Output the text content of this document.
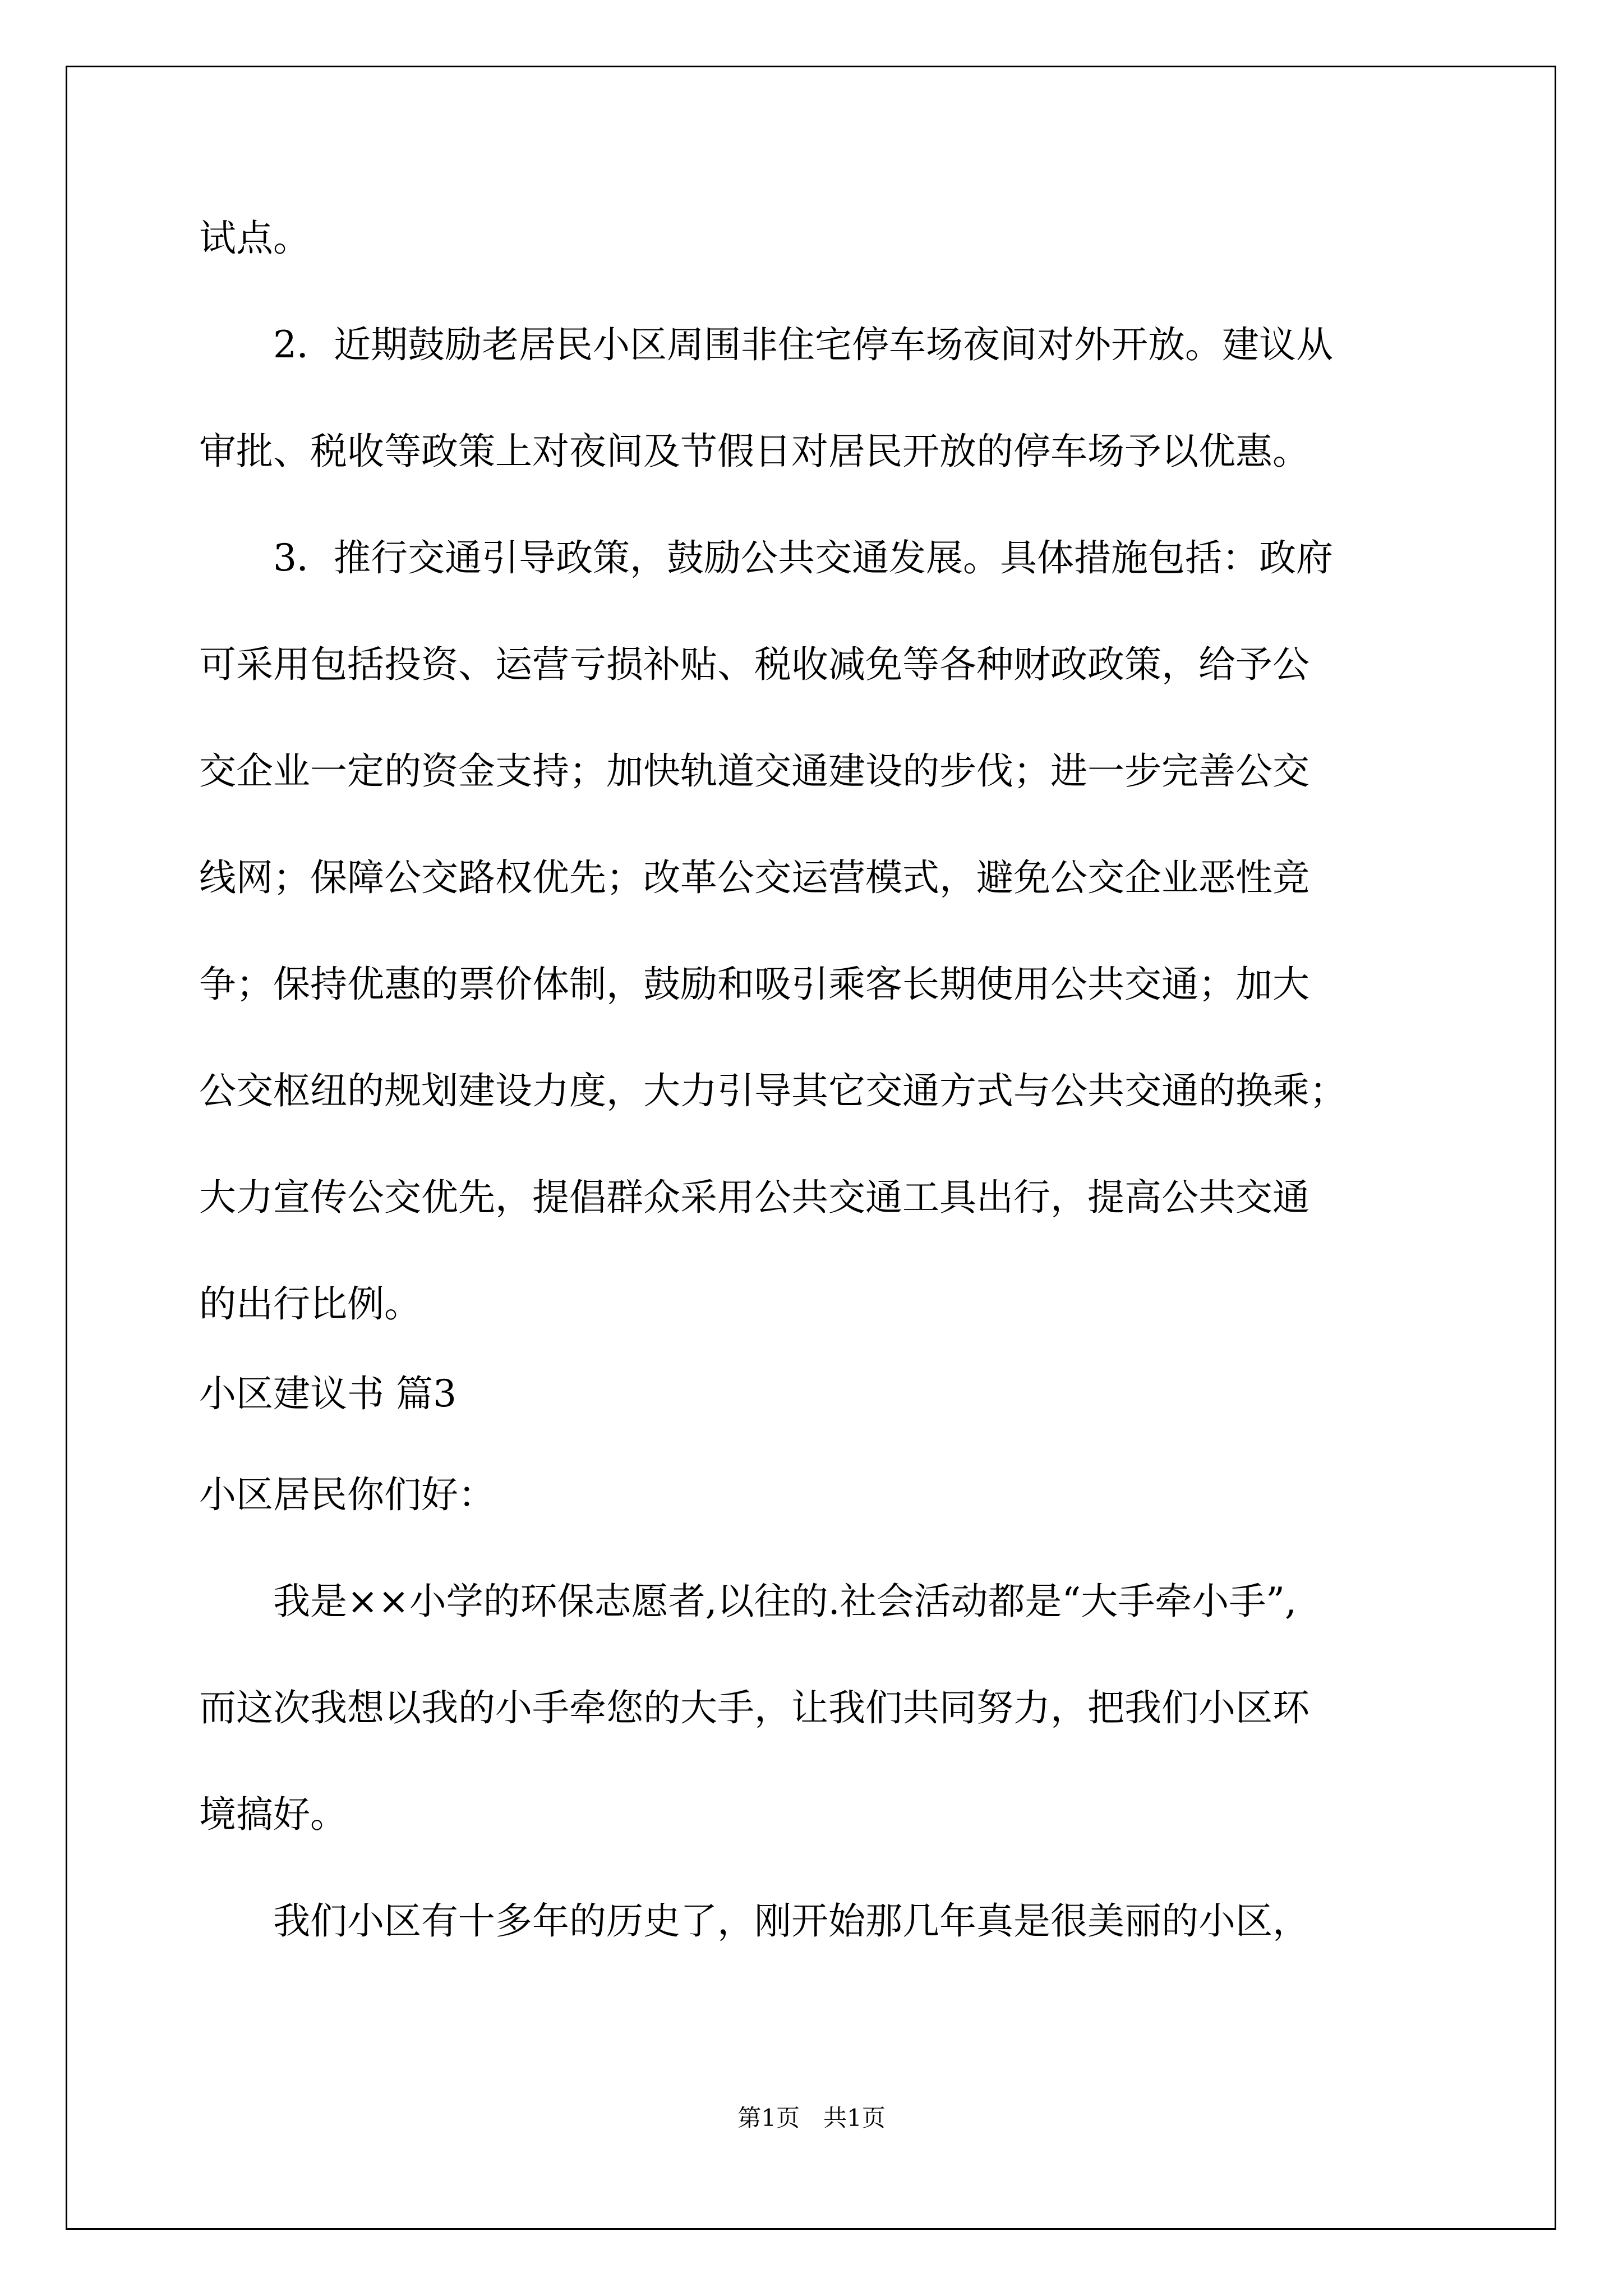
试点。
　　2．近期鼓励老居民小区周围非住宅停车场夜间对外开放。建议从
审批、税收等政策上对夜间及节假日对居民开放的停车场予以优惠。
　　3．推行交通引导政策，鼓励公共交通发展。具体措施包括：政府
可采用包括投资、运营亏损补贴、税收减免等各种财政政策，给予公
交企业一定的资金支持；加快轨道交通建设的步伐；进一步完善公交
线网；保障公交路权优先；改革公交运营模式，避免公交企业恶性竞
争；保持优惠的票价体制，鼓励和吸引乘客长期使用公共交通；加大
公交枢纽的规划建设力度，大力引导其它交通方式与公共交通的换乘；
大力宣传公交优先，提倡群众采用公共交通工具出行，提高公共交通
的出行比例。
小区建议书 篇3
小区居民你们好：
　　我是××小学的环保志愿者,以往的.社会活动都是“大手牵小手”,
而这次我想以我的小手牵您的大手，让我们共同努力，把我们小区环
境搞好。
　　我们小区有十多年的历史了，刚开始那几年真是很美丽的小区，
第1页　共1页
